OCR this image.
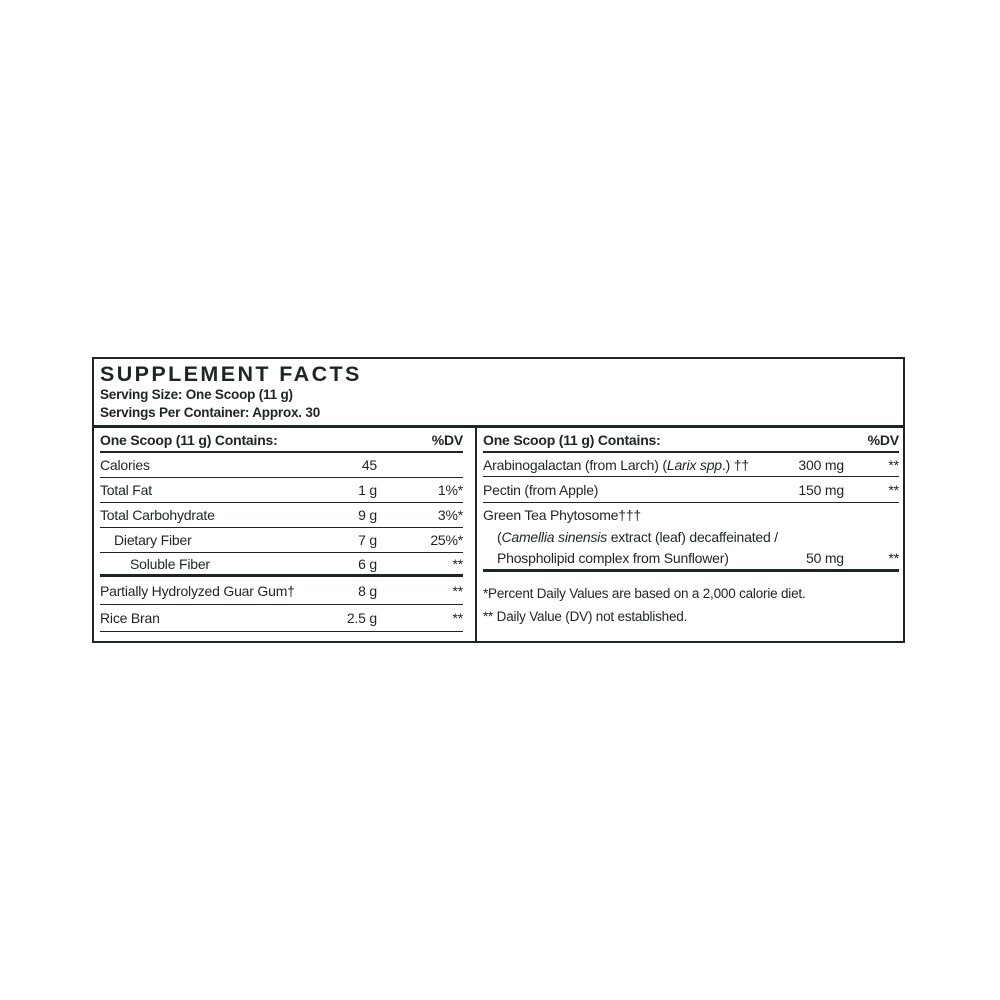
SUPPLEMENT FACTS
Serving Size: One Scoop (11 g)
Servings Per Container: Approx. 30
One Scoop (11 g) Contains:	%DV
Calories	45
Total Fat	1 g	1%*
Total Carbohydrate	9 g	3%*
Dietary Fiber	7 g	25%*
Soluble Fiber	6 g	**
Partially Hydrolyzed Guar Gum†	8 g	**
Rice Bran	2.5 g	**
One Scoop (11 g) Contains:	%DV
Arabinogalactan (from Larch) (Larix spp.) ††	300 mg	**
Pectin (from Apple)	150 mg	**
Green Tea Phytosome†††
(Camellia sinensis extract (leaf) decaffeinated /
Phospholipid complex from Sunflower)	50 mg	**
*Percent Daily Values are based on a 2,000 calorie diet.
** Daily Value (DV) not established.
